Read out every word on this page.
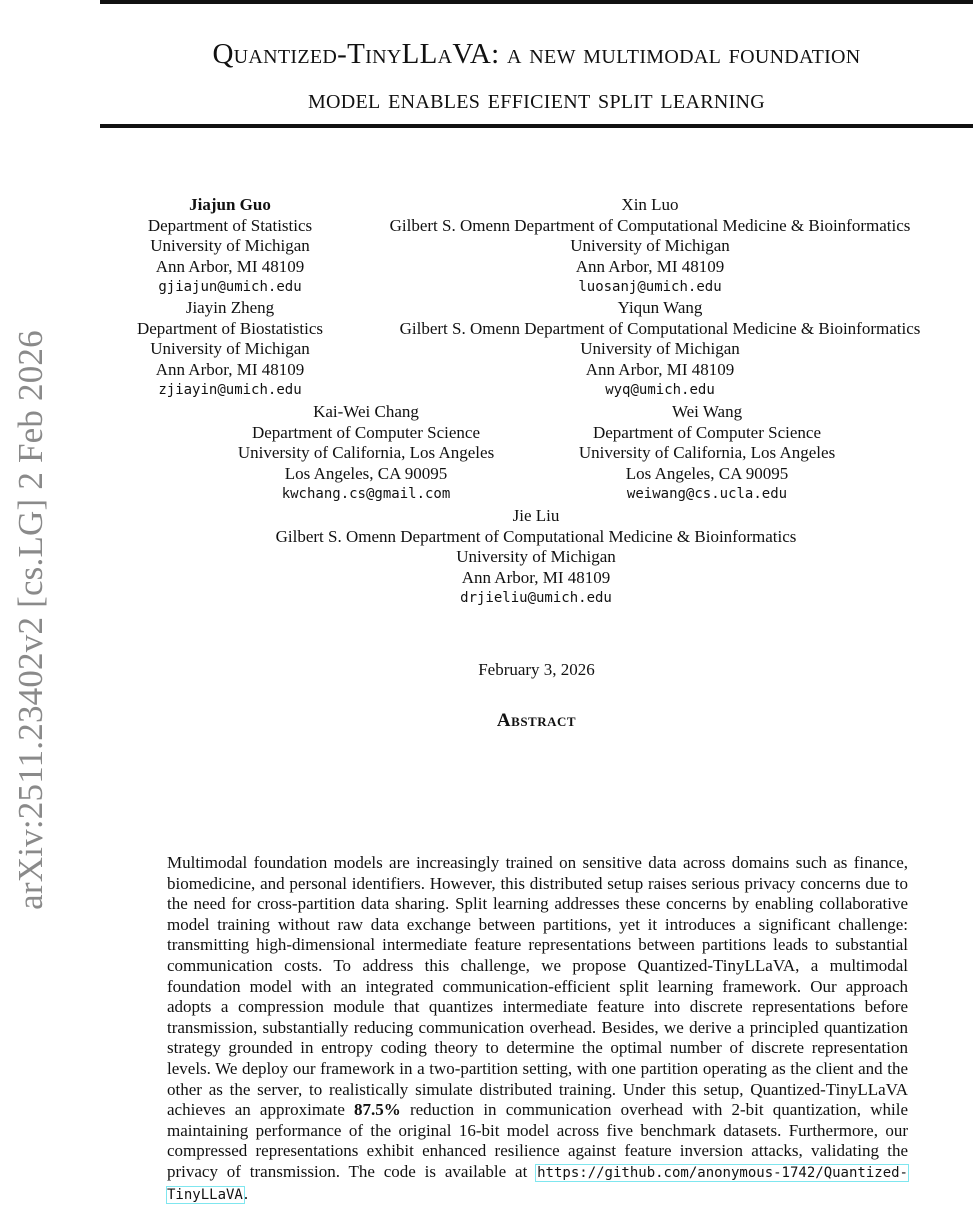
Quantized-TinyLLaVA: a new multimodal foundation
model enables efficient split learning
arXiv:2511.23402v2 [cs.LG] 2 Feb 2026
Jiajun Guo
Department of Statistics
University of Michigan
Ann Arbor, MI 48109
gjiajun@umich.edu
Xin Luo
Gilbert S. Omenn Department of Computational Medicine & Bioinformatics
University of Michigan
Ann Arbor, MI 48109
luosanj@umich.edu
Jiayin Zheng
Department of Biostatistics
University of Michigan
Ann Arbor, MI 48109
zjiayin@umich.edu
Yiqun Wang
Gilbert S. Omenn Department of Computational Medicine & Bioinformatics
University of Michigan
Ann Arbor, MI 48109
wyq@umich.edu
Kai-Wei Chang
Department of Computer Science
University of California, Los Angeles
Los Angeles, CA 90095
kwchang.cs@gmail.com
Wei Wang
Department of Computer Science
University of California, Los Angeles
Los Angeles, CA 90095
weiwang@cs.ucla.edu
Jie Liu
Gilbert S. Omenn Department of Computational Medicine & Bioinformatics
University of Michigan
Ann Arbor, MI 48109
drjieliu@umich.edu
February 3, 2026
Abstract
Multimodal foundation models are increasingly trained on sensitive data across domains such as finance, biomedicine, and personal identifiers. However, this distributed setup raises serious privacy concerns due to the need for cross-partition data sharing. Split learning addresses these concerns by enabling collaborative model training without raw data exchange between partitions, yet it introduces a significant challenge: transmitting high-dimensional intermediate feature representations between partitions leads to substantial communication costs. To address this challenge, we propose Quantized-TinyLLaVA, a multimodal foundation model with an integrated communication-efficient split learning framework. Our approach adopts a compression module that quantizes intermediate feature into discrete representations before transmission, substantially reducing communication overhead. Besides, we derive a principled quantization strategy grounded in entropy coding theory to determine the optimal number of discrete representation levels. We deploy our framework in a two-partition setting, with one partition operating as the client and the other as the server, to realistically simulate distributed training. Under this setup, Quantized-TinyLLaVA achieves an approximate 87.5% reduction in communication overhead with 2-bit quantization, while maintaining performance of the original 16-bit model across five benchmark datasets. Furthermore, our compressed representations exhibit enhanced resilience against feature inversion attacks, validating the privacy of transmission. The code is available at https://github.com/anonymous-1742/Quantized-TinyLLaVA.
